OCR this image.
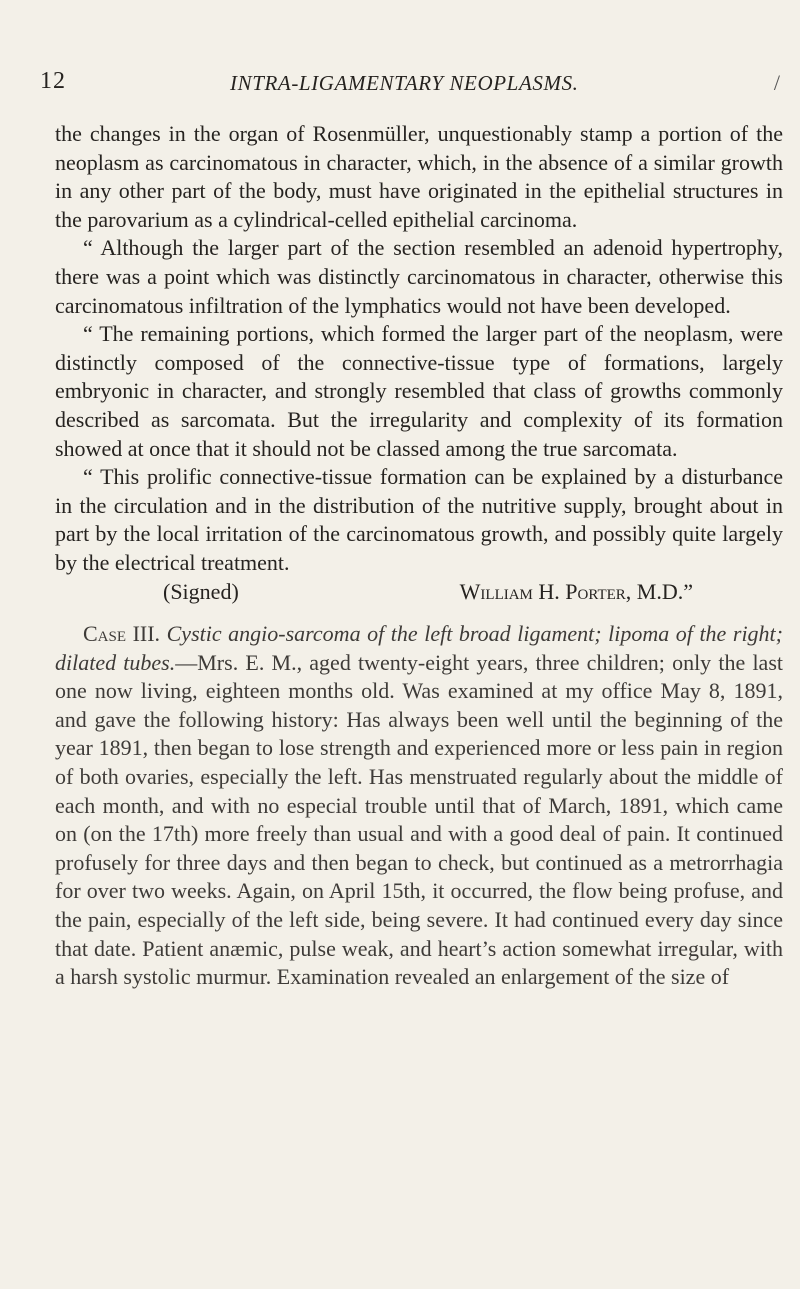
12	INTRA-LIGAMENTARY NEOPLASMS.	/

the changes in the organ of Rosenmüller, unquestionably stamp a portion of the neoplasm as carcinomatous in character, which, in the absence of a similar growth in any other part of the body, must have originated in the epithelial structures in the parovarium as a cylindrical-celled epithelial carcinoma.

“ Although the larger part of the section resembled an adenoid hypertrophy, there was a point which was distinctly carcinomatous in character, otherwise this carcinomatous infiltration of the lymphatics would not have been developed.

“ The remaining portions, which formed the larger part of the neoplasm, were distinctly composed of the connective-tissue type of formations, largely embryonic in character, and strongly resembled that class of growths commonly described as sarcomata. But the irregularity and complexity of its formation showed at once that it should not be classed among the true sarcomata.

“ This prolific connective-tissue formation can be explained by a disturbance in the circulation and in the distribution of the nutritive supply, brought about in part by the local irritation of the carcinomatous growth, and possibly quite largely by the electrical treatment.

(Signed)	William H. Porter, M.D.”

Case III. Cystic angio-sarcoma of the left broad ligament; lipoma of the right; dilated tubes.—Mrs. E. M., aged twenty-eight years, three children; only the last one now living, eighteen months old. Was examined at my office May 8, 1891, and gave the following history: Has always been well until the beginning of the year 1891, then began to lose strength and experienced more or less pain in region of both ovaries, especially the left. Has menstruated regularly about the middle of each month, and with no especial trouble until that of March, 1891, which came on (on the 17th) more freely than usual and with a good deal of pain. It continued profusely for three days and then began to check, but continued as a metrorrhagia for over two weeks. Again, on April 15th, it occurred, the flow being profuse, and the pain, especially of the left side, being severe. It had continued every day since that date. Patient anæmic, pulse weak, and heart’s action somewhat irregular, with a harsh systolic murmur. Examination revealed an enlargement of the size of
